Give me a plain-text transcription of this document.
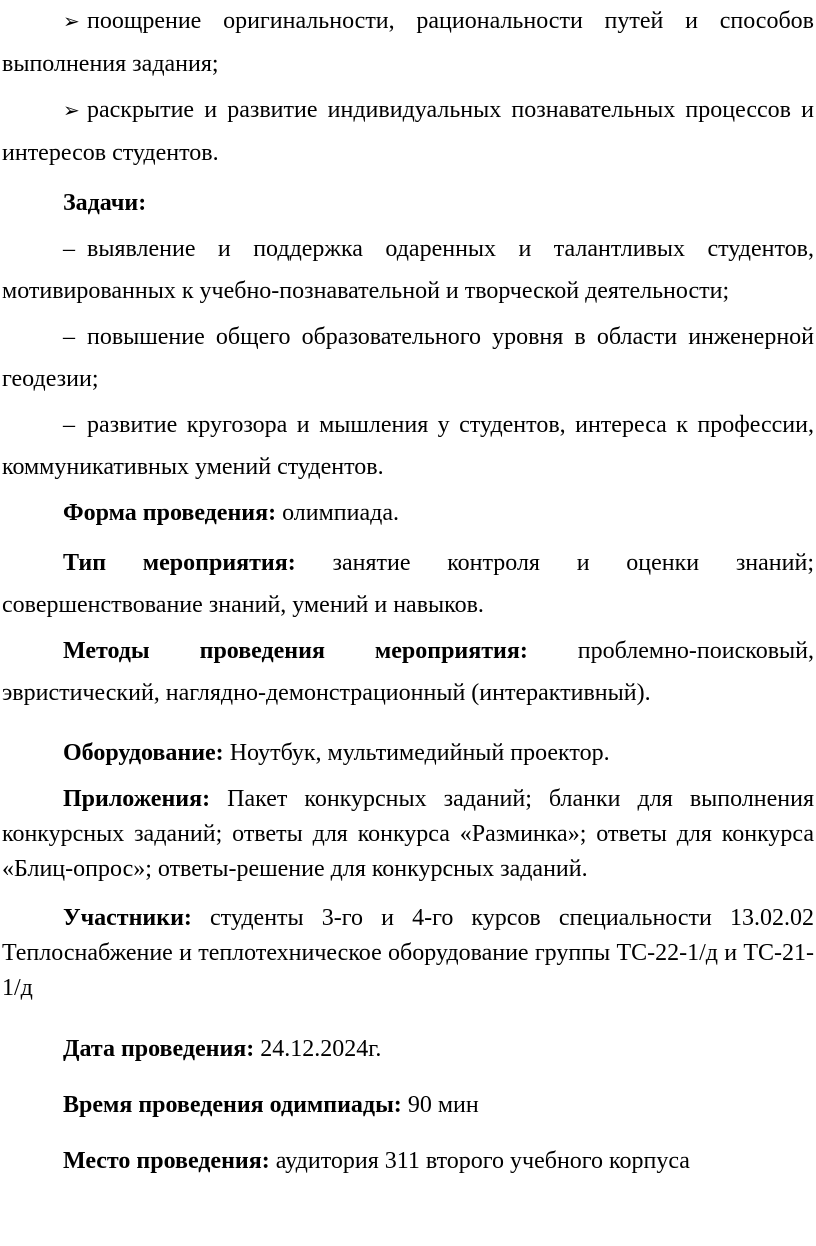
➢ поощрение оригинальности, рациональности путей и способов выполнения задания;

➢ раскрытие и развитие индивидуальных познавательных процессов и интересов студентов.

Задачи:

– выявление и поддержка одаренных и талантливых студентов, мотивированных к учебно-познавательной и творческой деятельности;

– повышение общего образовательного уровня в области инженерной геодезии;

– развитие кругозора и мышления у студентов, интереса к профессии, коммуникативных умений студентов.

Форма проведения: олимпиада.

Тип мероприятия: занятие контроля и оценки знаний; совершенствование знаний, умений и навыков.

Методы проведения мероприятия: проблемно-поисковый, эвристический, наглядно-демонстрационный (интерактивный).

Оборудование: Ноутбук, мультимедийный проектор.

Приложения: Пакет конкурсных заданий; бланки для выполнения конкурсных заданий; ответы для конкурса «Разминка»; ответы для конкурса «Блиц-опрос»; ответы-решение для конкурсных заданий.

Участники: студенты 3-го и 4-го курсов специальности 13.02.02 Теплоснабжение и теплотехническое оборудование группы ТС-22-1/д и ТС-21-1/д

Дата проведения: 24.12.2024г.

Время проведения одимпиады: 90 мин

Место проведения: аудитория 311 второго учебного корпуса
